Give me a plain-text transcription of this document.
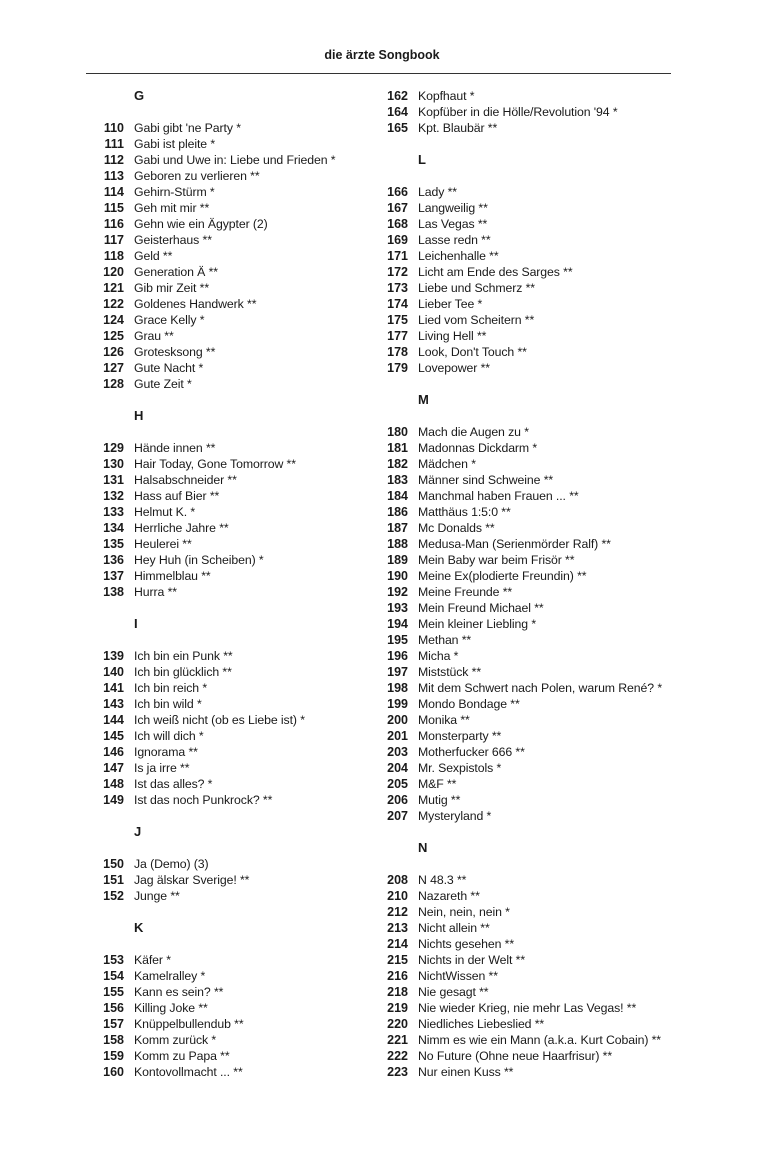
die ärzte Songbook
G
110 Gabi gibt 'ne Party *
111 Gabi ist pleite *
112 Gabi und Uwe in: Liebe und Frieden *
113 Geboren zu verlieren **
114 Gehirn-Stürm *
115 Geh mit mir **
116 Gehn wie ein Ägypter (2)
117 Geisterhaus **
118 Geld **
120 Generation Ä **
121 Gib mir Zeit **
122 Goldenes Handwerk **
124 Grace Kelly *
125 Grau **
126 Grotesksong **
127 Gute Nacht *
128 Gute Zeit *
H
129 Hände innen **
130 Hair Today, Gone Tomorrow **
131 Halsabschneider **
132 Hass auf Bier **
133 Helmut K. *
134 Herrliche Jahre **
135 Heulerei **
136 Hey Huh (in Scheiben) *
137 Himmelblau **
138 Hurra **
I
139 Ich bin ein Punk **
140 Ich bin glücklich **
141 Ich bin reich *
143 Ich bin wild *
144 Ich weiß nicht (ob es Liebe ist) *
145 Ich will dich *
146 Ignorama **
147 Is ja irre **
148 Ist das alles? *
149 Ist das noch Punkrock? **
J
150 Ja (Demo) (3)
151 Jag älskar Sverige! **
152 Junge **
K
153 Käfer *
154 Kamelralley *
155 Kann es sein? **
156 Killing Joke **
157 Knüppelbullendub **
158 Komm zurück *
159 Komm zu Papa **
160 Kontovollmacht ... **
162 Kopfhaut *
164 Kopfüber in die Hölle/Revolution '94 *
165 Kpt. Blaubär **
L
166 Lady **
167 Langweilig **
168 Las Vegas **
169 Lasse redn **
171 Leichenhalle **
172 Licht am Ende des Sarges **
173 Liebe und Schmerz **
174 Lieber Tee *
175 Lied vom Scheitern **
177 Living Hell **
178 Look, Don't Touch **
179 Lovepower **
M
180 Mach die Augen zu *
181 Madonnas Dickdarm *
182 Mädchen *
183 Männer sind Schweine **
184 Manchmal haben Frauen ... **
186 Matthäus 1:5:0 **
187 Mc Donalds **
188 Medusa-Man (Serienmörder Ralf) **
189 Mein Baby war beim Frisör **
190 Meine Ex(plodierte Freundin) **
192 Meine Freunde **
193 Mein Freund Michael **
194 Mein kleiner Liebling *
195 Methan **
196 Micha *
197 Miststück **
198 Mit dem Schwert nach Polen, warum René? *
199 Mondo Bondage **
200 Monika **
201 Monsterparty **
203 Motherfucker 666 **
204 Mr. Sexpistols *
205 M&F **
206 Mutig **
207 Mysteryland *
N
208 N 48.3 **
210 Nazareth **
212 Nein, nein, nein *
213 Nicht allein **
214 Nichts gesehen **
215 Nichts in der Welt **
216 NichtWissen **
218 Nie gesagt **
219 Nie wieder Krieg, nie mehr Las Vegas! **
220 Niedliches Liebeslied **
221 Nimm es wie ein Mann (a.k.a. Kurt Cobain) **
222 No Future (Ohne neue Haarfrisur) **
223 Nur einen Kuss **
